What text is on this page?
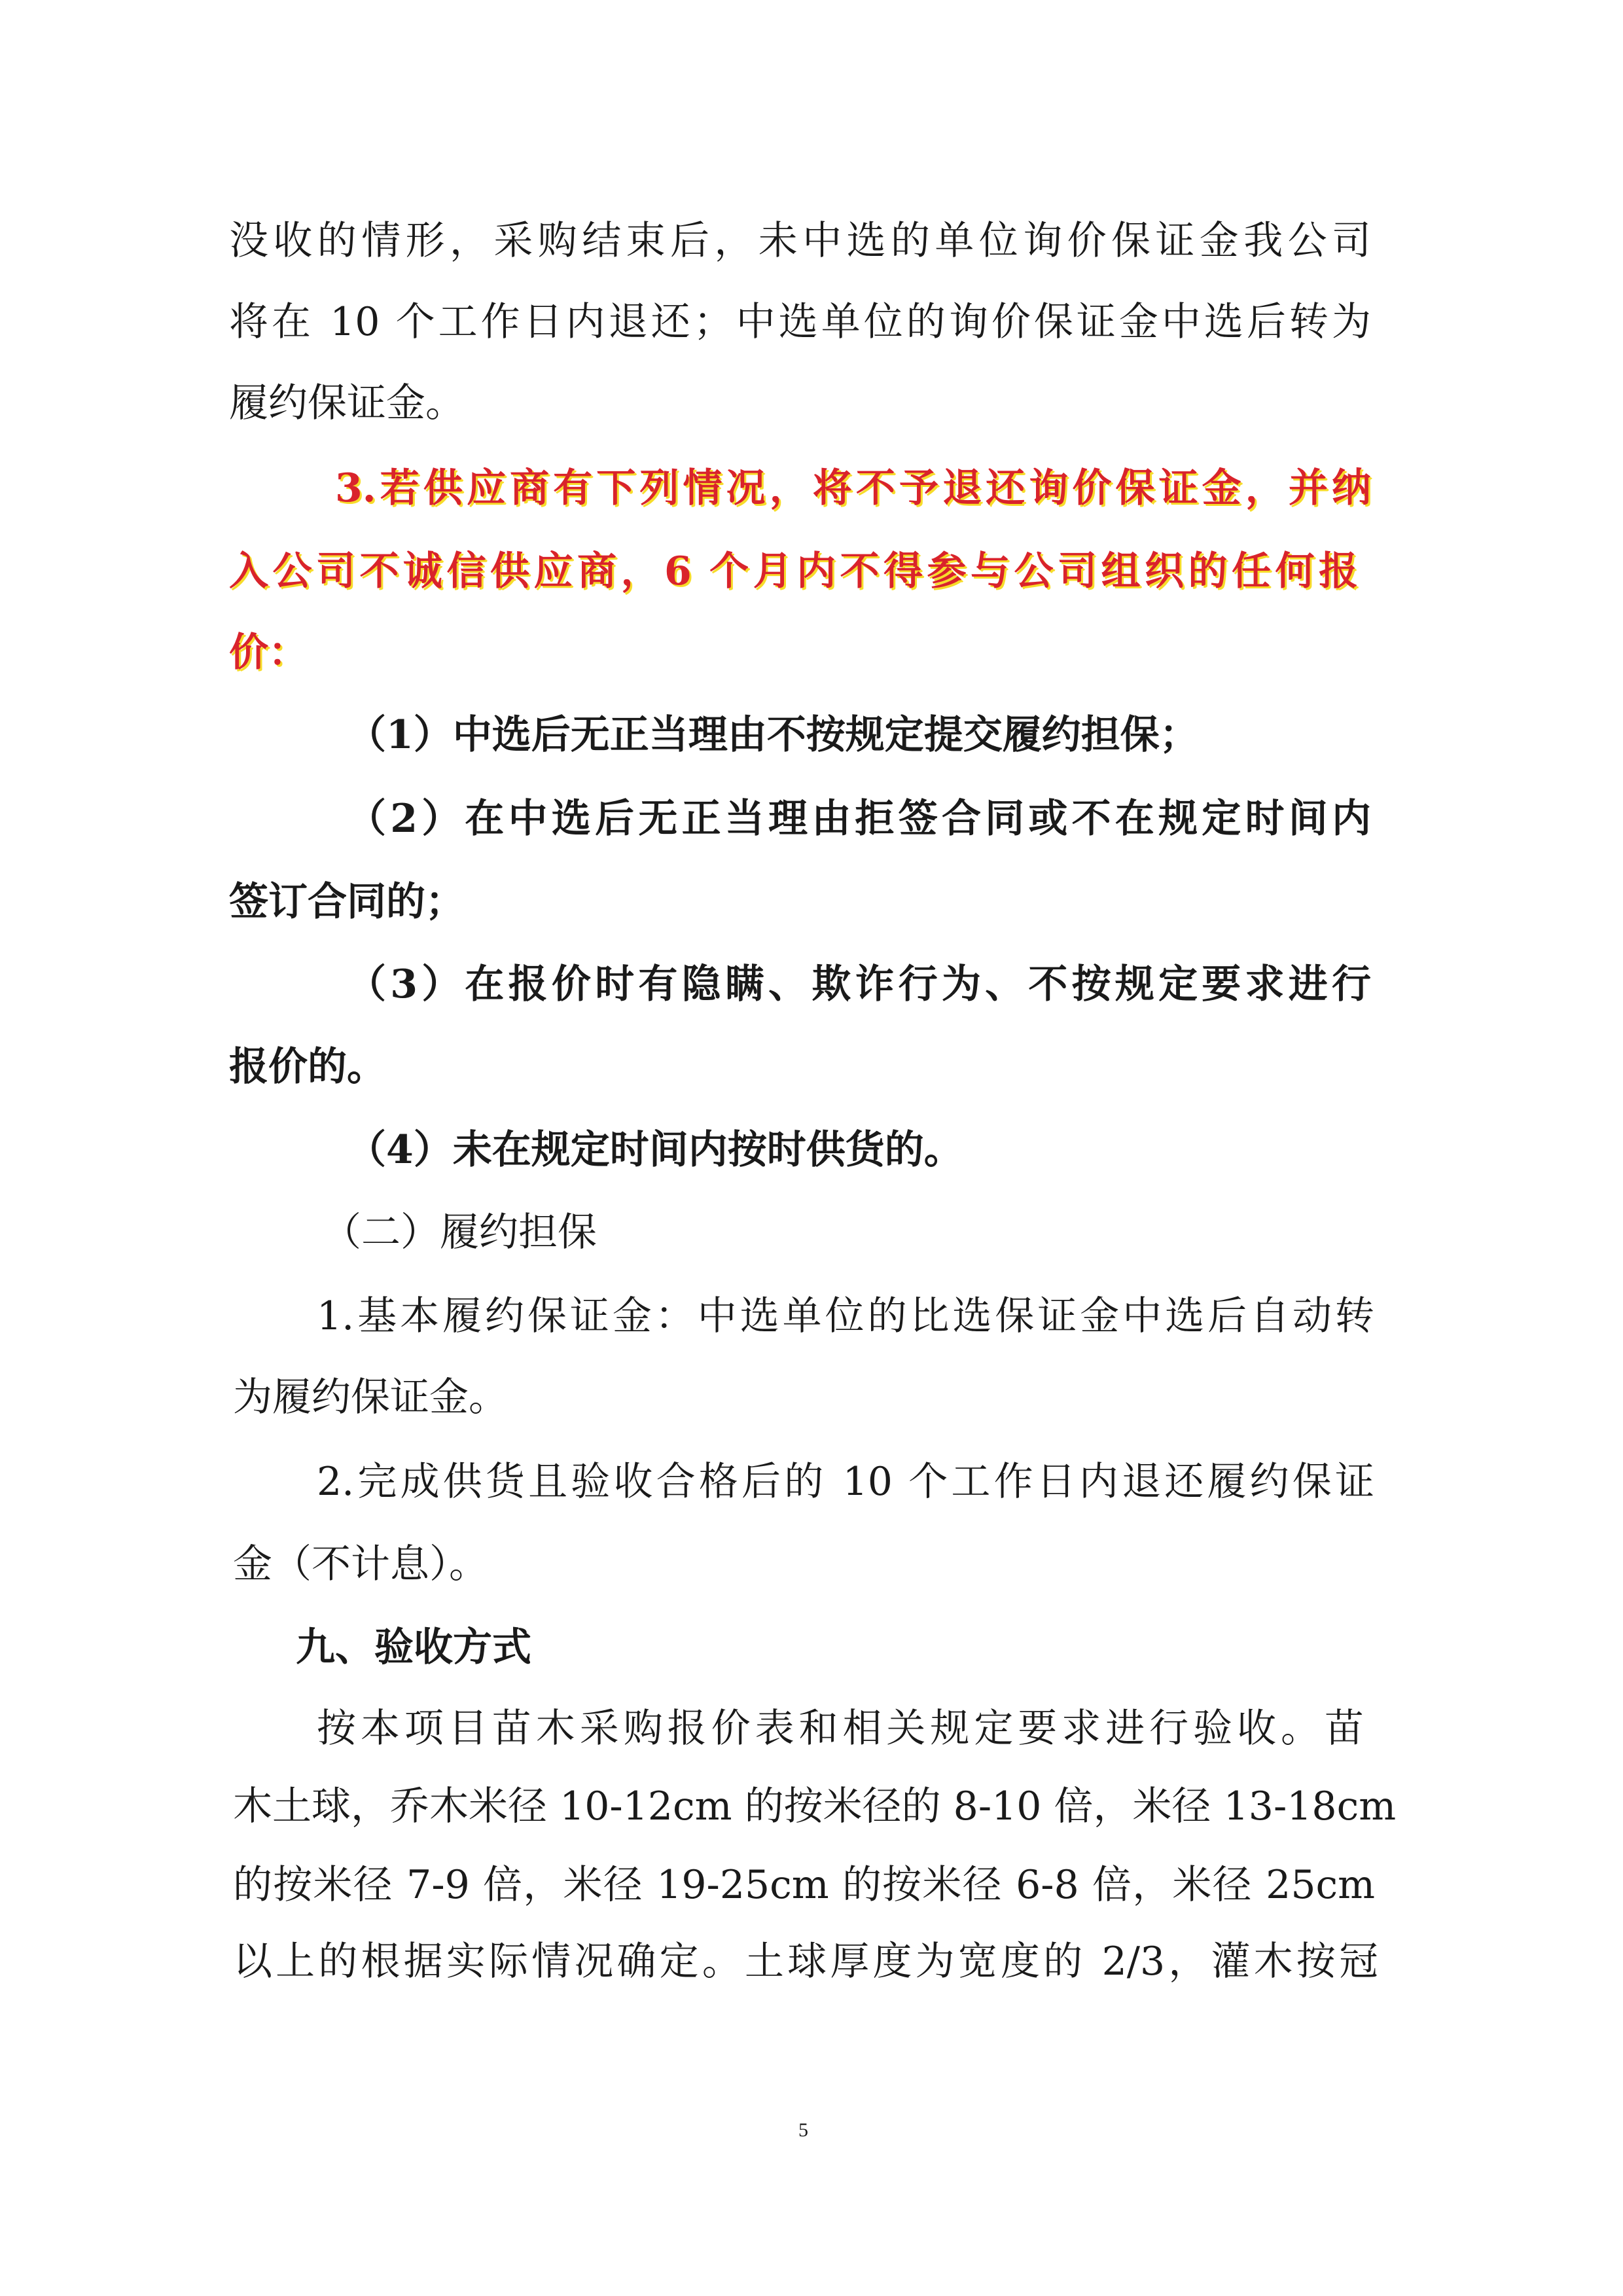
没收的情形，采购结束后，未中选的单位询价保证金我公司
将在 10 个工作日内退还；中选单位的询价保证金中选后转为
履约保证金。
3.若供应商有下列情况，将不予退还询价保证金，并纳
入公司不诚信供应商，6 个月内不得参与公司组织的任何报
价：
（1）中选后无正当理由不按规定提交履约担保；
（2）在中选后无正当理由拒签合同或不在规定时间内
签订合同的；
（3）在报价时有隐瞒、欺诈行为、不按规定要求进行
报价的。
（4）未在规定时间内按时供货的。
（二）履约担保
1.基本履约保证金：中选单位的比选保证金中选后自动转
为履约保证金。
2.完成供货且验收合格后的 10 个工作日内退还履约保证
金（不计息）。
九、验收方式
按本项目苗木采购报价表和相关规定要求进行验收。苗
木土球，乔木米径 10-12cm 的按米径的 8-10 倍，米径 13-18cm
的按米径 7-9 倍，米径 19-25cm 的按米径 6-8 倍，米径 25cm
以上的根据实际情况确定。土球厚度为宽度的 2/3，灌木按冠
5
